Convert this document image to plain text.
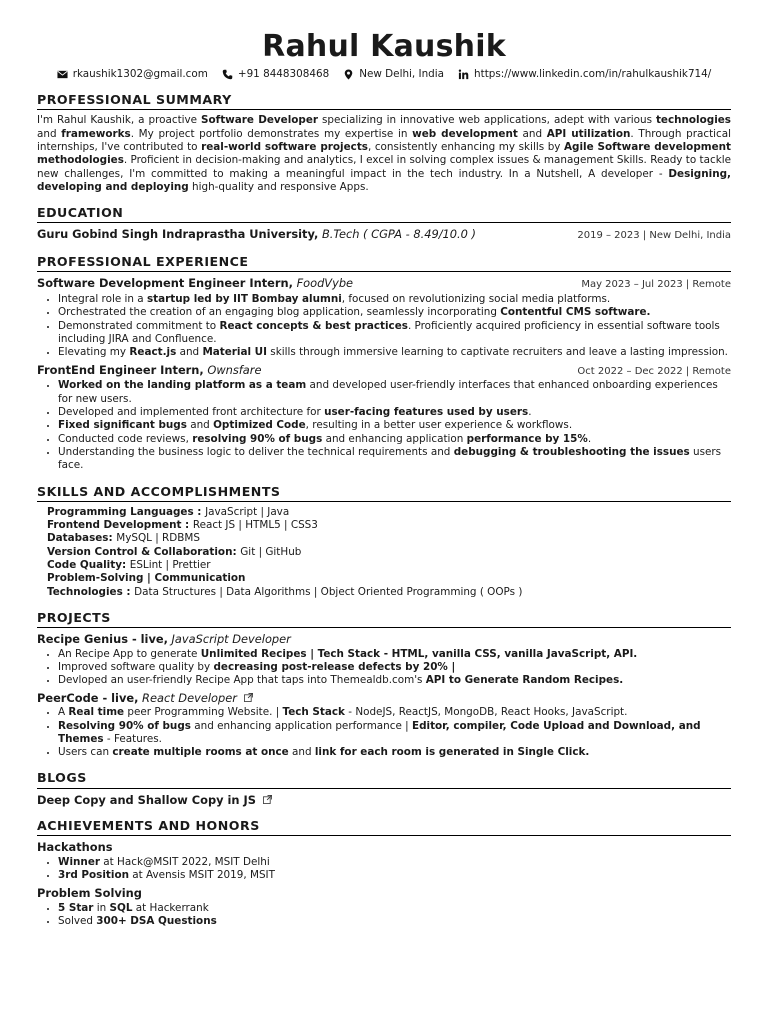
Rahul Kaushik
rkaushik1302@gmail.com	+91 8448308468	New Delhi, India	https://www.linkedin.com/in/rahulkaushik714/
PROFESSIONAL SUMMARY

I'm Rahul Kaushik, a proactive Software Developer specializing in innovative web applications, adept with various technologies and frameworks. My project portfolio demonstrates my expertise in web development and API utilization. Through practical internships, I've contributed to real-world software projects, consistently enhancing my skills by Agile Software development methodologies. Proficient in decision-making and analytics, I excel in solving complex issues & management Skills. Ready to tackle new challenges, I'm committed to making a meaningful impact in the tech industry. In a Nutshell, A developer - Designing, developing and deploying high-quality and responsive Apps.

EDUCATION
Guru Gobind Singh Indraprastha University, B.Tech ( CGPA - 8.49/10.0 )	2019 – 2023 | New Delhi, India
PROFESSIONAL EXPERIENCE
Software Development Engineer Intern, FoodVybe	May 2023 – Jul 2023 | Remote
• Integral role in a startup led by IIT Bombay alumni, focused on revolutionizing social media platforms.
• Orchestrated the creation of an engaging blog application, seamlessly incorporating Contentful CMS software.
• Demonstrated commitment to React concepts & best practices. Proficiently acquired proficiency in essential software tools including JIRA and Confluence.
• Elevating my React.js and Material UI skills through immersive learning to captivate recruiters and leave a lasting impression.
FrontEnd Engineer Intern, Ownsfare	Oct 2022 – Dec 2022 | Remote
• Worked on the landing platform as a team and developed user-friendly interfaces that enhanced onboarding experiences for new users.
• Developed and implemented front architecture for user-facing features used by users.
• Fixed significant bugs and Optimized Code, resulting in a better user experience & workflows.
• Conducted code reviews, resolving 90% of bugs and enhancing application performance by 15%.
• Understanding the business logic to deliver the technical requirements and debugging & troubleshooting the issues users face.
SKILLS AND ACCOMPLISHMENTS
Programming Languages : JavaScript | Java
Frontend Development : React JS | HTML5 | CSS3
Databases: MySQL | RDBMS
Version Control & Collaboration: Git | GitHub
Code Quality: ESLint | Prettier
Problem-Solving | Communication
Technologies : Data Structures | Data Algorithms | Object Oriented Programming ( OOPs )
PROJECTS
Recipe Genius - live, JavaScript Developer
• An Recipe App to generate Unlimited Recipes | Tech Stack - HTML, vanilla CSS, vanilla JavaScript, API.
• Improved software quality by decreasing post-release defects by 20% |
• Devloped an user-friendly Recipe App that taps into Themealdb.com's API to Generate Random Recipes.
PeerCode - live, React Developer
• A Real time peer Programming Website. | Tech Stack - NodeJS, ReactJS, MongoDB, React Hooks, JavaScript.
• Resolving 90% of bugs and enhancing application performance | Editor, compiler, Code Upload and Download, and Themes - Features.
• Users can create multiple rooms at once and link for each room is generated in Single Click.
BLOGS
Deep Copy and Shallow Copy in JS
ACHIEVEMENTS AND HONORS
Hackathons
• Winner at Hack@MSIT 2022, MSIT Delhi
• 3rd Position at Avensis MSIT 2019, MSIT
Problem Solving
• 5 Star in SQL at Hackerrank
• Solved 300+ DSA Questions
